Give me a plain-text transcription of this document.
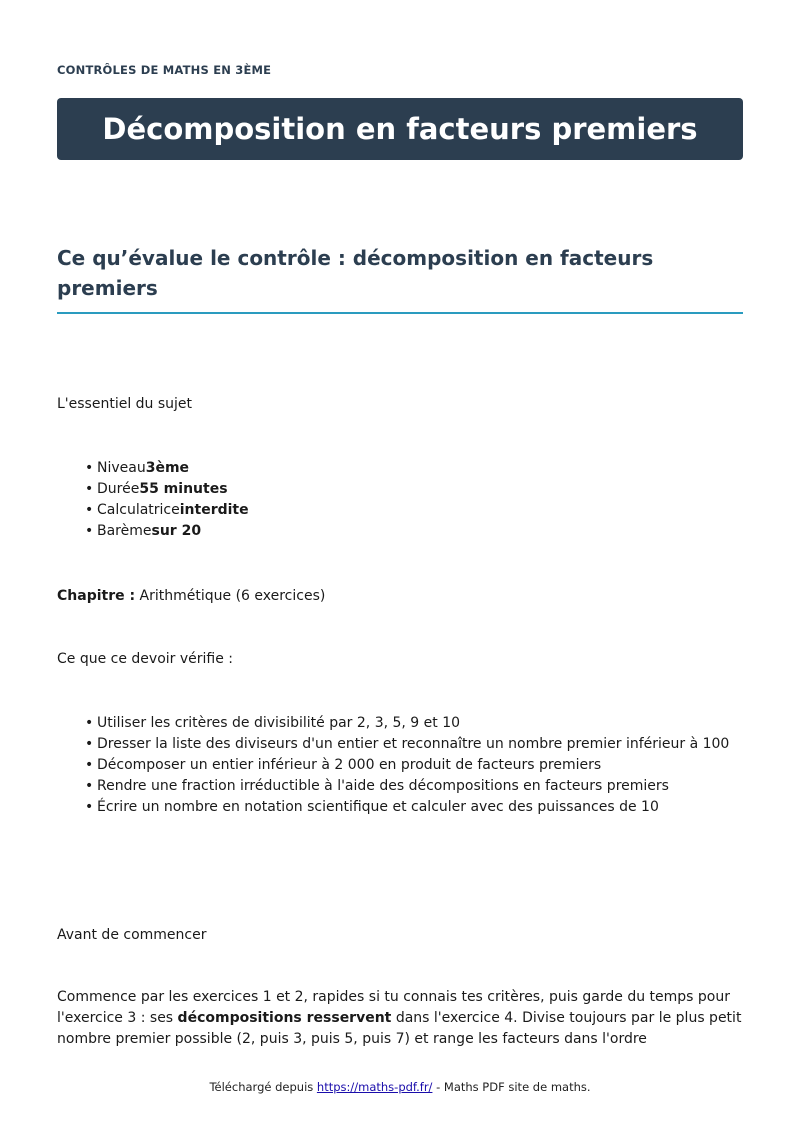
CONTRÔLES DE MATHS EN 3ÈME
Décomposition en facteurs premiers
Ce qu’évalue le contrôle : décomposition en facteurs premiers

L'essentiel du sujet

• Niveau3ème
• Durée55 minutes
• Calculatriceinterdite
• Barèmesur 20

Chapitre : Arithmétique (6 exercices)

Ce que ce devoir vérifie :

• Utiliser les critères de divisibilité par 2, 3, 5, 9 et 10
• Dresser la liste des diviseurs d'un entier et reconnaître un nombre premier inférieur à 100
• Décomposer un entier inférieur à 2 000 en produit de facteurs premiers
• Rendre une fraction irréductible à l'aide des décompositions en facteurs premiers
• Écrire un nombre en notation scientifique et calculer avec des puissances de 10

Avant de commencer

Commence par les exercices 1 et 2, rapides si tu connais tes critères, puis garde du temps pour l'exercice 3 : ses décompositions resservent dans l'exercice 4. Divise toujours par le plus petit nombre premier possible (2, puis 3, puis 5, puis 7) et range les facteurs dans l'ordre

Téléchargé depuis https://maths-pdf.fr/ - Maths PDF site de maths.
